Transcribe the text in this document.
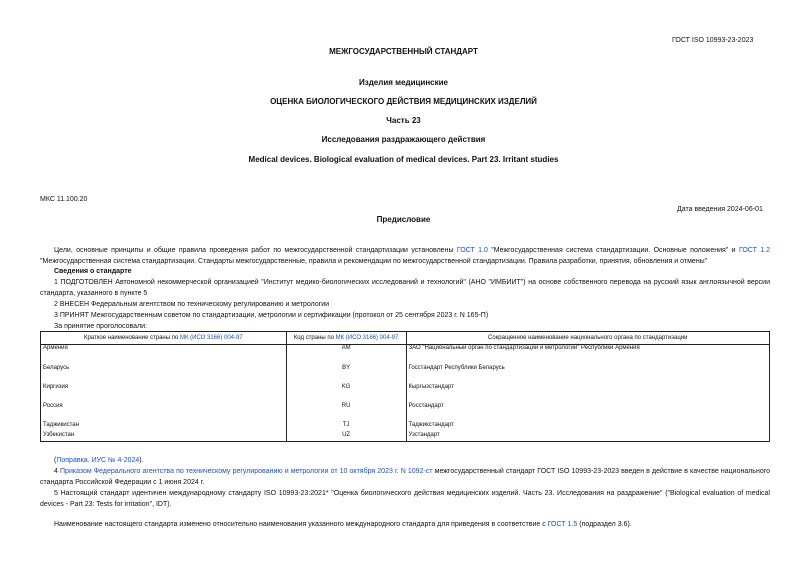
ГОСТ ISO 10993-23-2023
МЕЖГОСУДАРСТВЕННЫЙ СТАНДАРТ
Изделия медицинские
ОЦЕНКА БИОЛОГИЧЕСКОГО ДЕЙСТВИЯ МЕДИЦИНСКИХ ИЗДЕЛИЙ
Часть 23
Исследования раздражающего действия
Medical devices. Biological evaluation of medical devices. Part 23. Irritant studies
МКС 11.100.20
Дата введения 2024-06-01
Предисловие

Цели, основные принципы и общие правила проведения работ по межгосударственной стандартизации установлены ГОСТ 1.0 "Межгосударственная система стандартизации. Основные положения" и ГОСТ 1.2 "Межгосударственная система стандартизации. Стандарты межгосударственные, правила и рекомендации по межгосударственной стандартизации. Правила разработки, принятия, обновления и отмены"

Сведения о стандарте

1 ПОДГОТОВЛЕН Автономной некоммерческой организацией "Институт медико-биологических исследований и технологий" (АНО "ИМБИИТ") на основе собственного перевода на русский язык англоязычной версии стандарта, указанного в пункте 5

2 ВНЕСЕН Федеральным агентством по техническому регулированию и метрологии

3 ПРИНЯТ Межгосударственным советом по стандартизации, метрологии и сертификации (протокол от 25 сентября 2023 г. N 165-П)

За принятие проголосовали:

Краткое наименование страны по МК (ИСО 3166) 004-97	Код страны по МК (ИСО 3166) 004-97	Сокращенное наименование национального органа по стандартизации
Армения	AM	ЗАО "Национальный орган по стандартизации и метрологии" Республики Армения
Беларусь	BY	Госстандарт Республики Беларусь
Киргизия	KG	Кыргызстандарт
Россия	RU	Росстандарт
Таджикистан	TJ	Таджикстандарт
Узбекистан	UZ	Узстандарт

(Поправка. ИУС № 4-2024).

4 Приказом Федерального агентства по техническому регулированию и метрологии от 10 октября 2023 г. N 1092-ст межгосударственный стандарт ГОСТ ISO 10993-23-2023 введен в действие в качестве национального стандарта Российской Федерации с 1 июня 2024 г.

5 Настоящий стандарт идентичен международному стандарту ISO 10993-23:2021* "Оценка биологического действия медицинских изделий. Часть 23. Исследования на раздражение" ("Biological evaluation of medical devices - Part 23: Tests for irritation", IDT).

Наименование настоящего стандарта изменено относительно наименования указанного международного стандарта для приведения в соответствие с ГОСТ 1.5 (подраздел 3.6).
